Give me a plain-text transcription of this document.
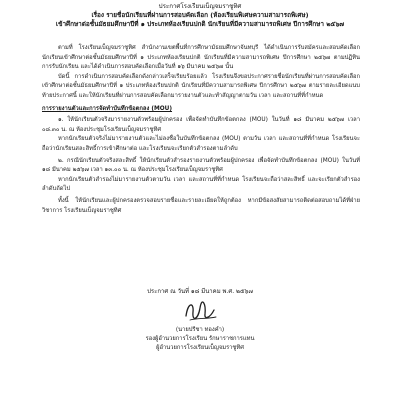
ประกาศโรงเรียนเบ็ญจมราชูทิศ
เรื่อง รายชื่อนักเรียนที่ผ่านการสอบคัดเลือก (ห้องเรียนพิเศษความสามารถพิเศษ)
เข้าศึกษาต่อชั้นมัธยมศึกษาปีที่ ๑ ประเภทห้องเรียนปกติ นักเรียนที่มีความสามารถพิเศษ ปีการศึกษา ๒๕๖๗

ตามที่ โรงเรียนเบ็ญจมราชูทิศ สำนักงานเขตพื้นที่การศึกษามัธยมศึกษาจันทบุรี ได้ดำเนินการรับสมัครและสอบคัดเลือกนักเรียนเข้าศึกษาต่อชั้นมัธยมศึกษาปีที่ ๑ ประเภทห้องเรียนปกติ นักเรียนที่มีความสามารถพิเศษ ปีการศึกษา ๒๕๖๗ ตามปฏิทินการรับนักเรียน และได้ดำเนินการสอบคัดเลือกเมื่อวันที่ ๑๖ มีนาคม ๒๕๖๗ นั้น

บัดนี้ การดำเนินการสอบคัดเลือกดังกล่าวเสร็จเรียบร้อยแล้ว โรงเรียนจึงขอประกาศรายชื่อนักเรียนที่ผ่านการสอบคัดเลือกเข้าศึกษาต่อชั้นมัธยมศึกษาปีที่ ๑ ประเภทห้องเรียนปกติ นักเรียนที่มีความสามารถพิเศษ ปีการศึกษา ๒๕๖๗ ตามรายละเอียดแนบท้ายประกาศนี้ และให้นักเรียนที่ผ่านการสอบคัดเลือกมารายงานตัวและทำสัญญาตามวัน เวลา และสถานที่ที่กำหนด

การรายงานตัวและการจัดทำบันทึกข้อตกลง (MOU)

๑. ให้นักเรียนตัวจริงมารายงานตัวพร้อมผู้ปกครอง เพื่อจัดทำบันทึกข้อตกลง (MOU) ในวันที่ ๑๘ มีนาคม ๒๕๖๗ เวลา ๐๘.๓๐ น. ณ ห้องประชุมโรงเรียนเบ็ญจมราชูทิศ

หากนักเรียนตัวจริงไม่มารายงานตัวและไม่ลงชื่อในบันทึกข้อตกลง (MOU) ตามวัน เวลา และสถานที่ที่กำหนด โรงเรียนจะถือว่านักเรียนสละสิทธิ์การเข้าศึกษาต่อ และโรงเรียนจะเรียกตัวสำรองตามลำดับ

๒. กรณีนักเรียนตัวจริงสละสิทธิ์ ให้นักเรียนตัวสำรองรายงานตัวพร้อมผู้ปกครอง เพื่อจัดทำบันทึกข้อตกลง (MOU) ในวันที่ ๑๘ มีนาคม ๒๕๖๗ เวลา ๑๓.๐๐ น. ณ ห้องประชุมโรงเรียนเบ็ญจมราชูทิศ

หากนักเรียนตัวสำรองไม่มารายงานตัวตามวัน เวลา และสถานที่ที่กำหนด โรงเรียนจะถือว่าสละสิทธิ์ และจะเรียกตัวสำรองลำดับถัดไป

ทั้งนี้ ให้นักเรียนและผู้ปกครองตรวจสอบรายชื่อและรายละเอียดให้ถูกต้อง หากมีข้อสงสัยสามารถติดต่อสอบถามได้ที่ฝ่ายวิชาการ โรงเรียนเบ็ญจมราชูทิศ

ประกาศ ณ วันที่ ๑๘ มีนาคม พ.ศ. ๒๕๖๗
(นายปรีชา ทองคำ)
รองผู้อำนวยการโรงเรียน รักษาราชการแทน
ผู้อำนวยการโรงเรียนเบ็ญจมราชูทิศ
